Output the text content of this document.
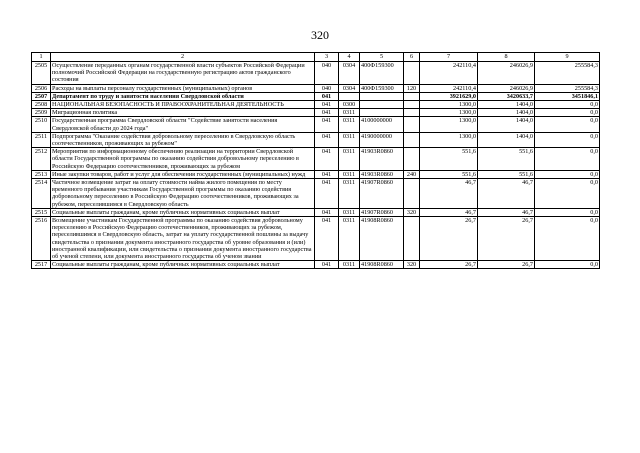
320
1	2	3	4	5	6	7	8	9
2505	Осуществление переданных органам государственной власти субъектов Российской Федерации полномочий Российской Федерации на государственную регистрацию актов гражданского состояния	040	0304	400Ф159300		242110,4	246026,9	255584,3
2506	Расходы на выплаты персоналу государственных (муниципальных) органов	040	0304	400Ф159300	120	242110,4	246026,9	255584,3
2507	Департамент по труду и занятости населения Свердловской области	041				3921629,0	3420633,7	3451846,1
2508	НАЦИОНАЛЬНАЯ БЕЗОПАСНОСТЬ И ПРАВООХРАНИТЕЛЬНАЯ ДЕЯТЕЛЬНОСТЬ	041	0300			1300,0	1404,0	0,0
2509	Миграционная политика	041	0311			1300,0	1404,0	0,0
2510	Государственная программа Свердловской области "Содействие занятости населения Свердловской области до 2024 года"	041	0311	4100000000		1300,0	1404,0	0,0
2511	Подпрограмма "Оказание содействия добровольному переселению в Свердловскую область соотечественников, проживающих за рубежом"	041	0311	4190000000		1300,0	1404,0	0,0
2512	Мероприятия по информационному обеспечению реализации на территории Свердловской области Государственной программы по оказанию содействия добровольному переселению в Российскую Федерацию соотечественников, проживающих за рубежом	041	0311	41903R0860		551,6	551,6	0,0
2513	Иные закупки товаров, работ и услуг для обеспечения государственных (муниципальных) нужд	041	0311	41903R0860	240	551,6	551,6	0,0
2514	Частичное возмещение затрат на оплату стоимости найма жилого помещения по месту временного пребывания участникам Государственной программы по оказанию содействия добровольному переселению в Российскую Федерацию соотечественников, проживающих за рубежом, переселившимся в Свердловскую область	041	0311	41907R0860		46,7	46,7	0,0
2515	Социальные выплаты гражданам, кроме публичных нормативных социальных выплат	041	0311	41907R0860	320	46,7	46,7	0,0
2516	Возмещение участникам Государственной программы по оказанию содействия добровольному переселению в Российскую Федерацию соотечественников, проживающих за рубежом, переселившимся в Свердловскую область, затрат на уплату государственной пошлины за выдачу свидетельства о признании документа иностранного государства об уровне образования и (или) иностранной квалификации, или свидетельства о признании документа иностранного государства об ученой степени, или документа иностранного государства об ученом звании	041	0311	41908R0860		26,7	26,7	0,0
2517	Социальные выплаты гражданам, кроме публичных нормативных социальных выплат	041	0311	41908R0860	320	26,7	26,7	0,0
